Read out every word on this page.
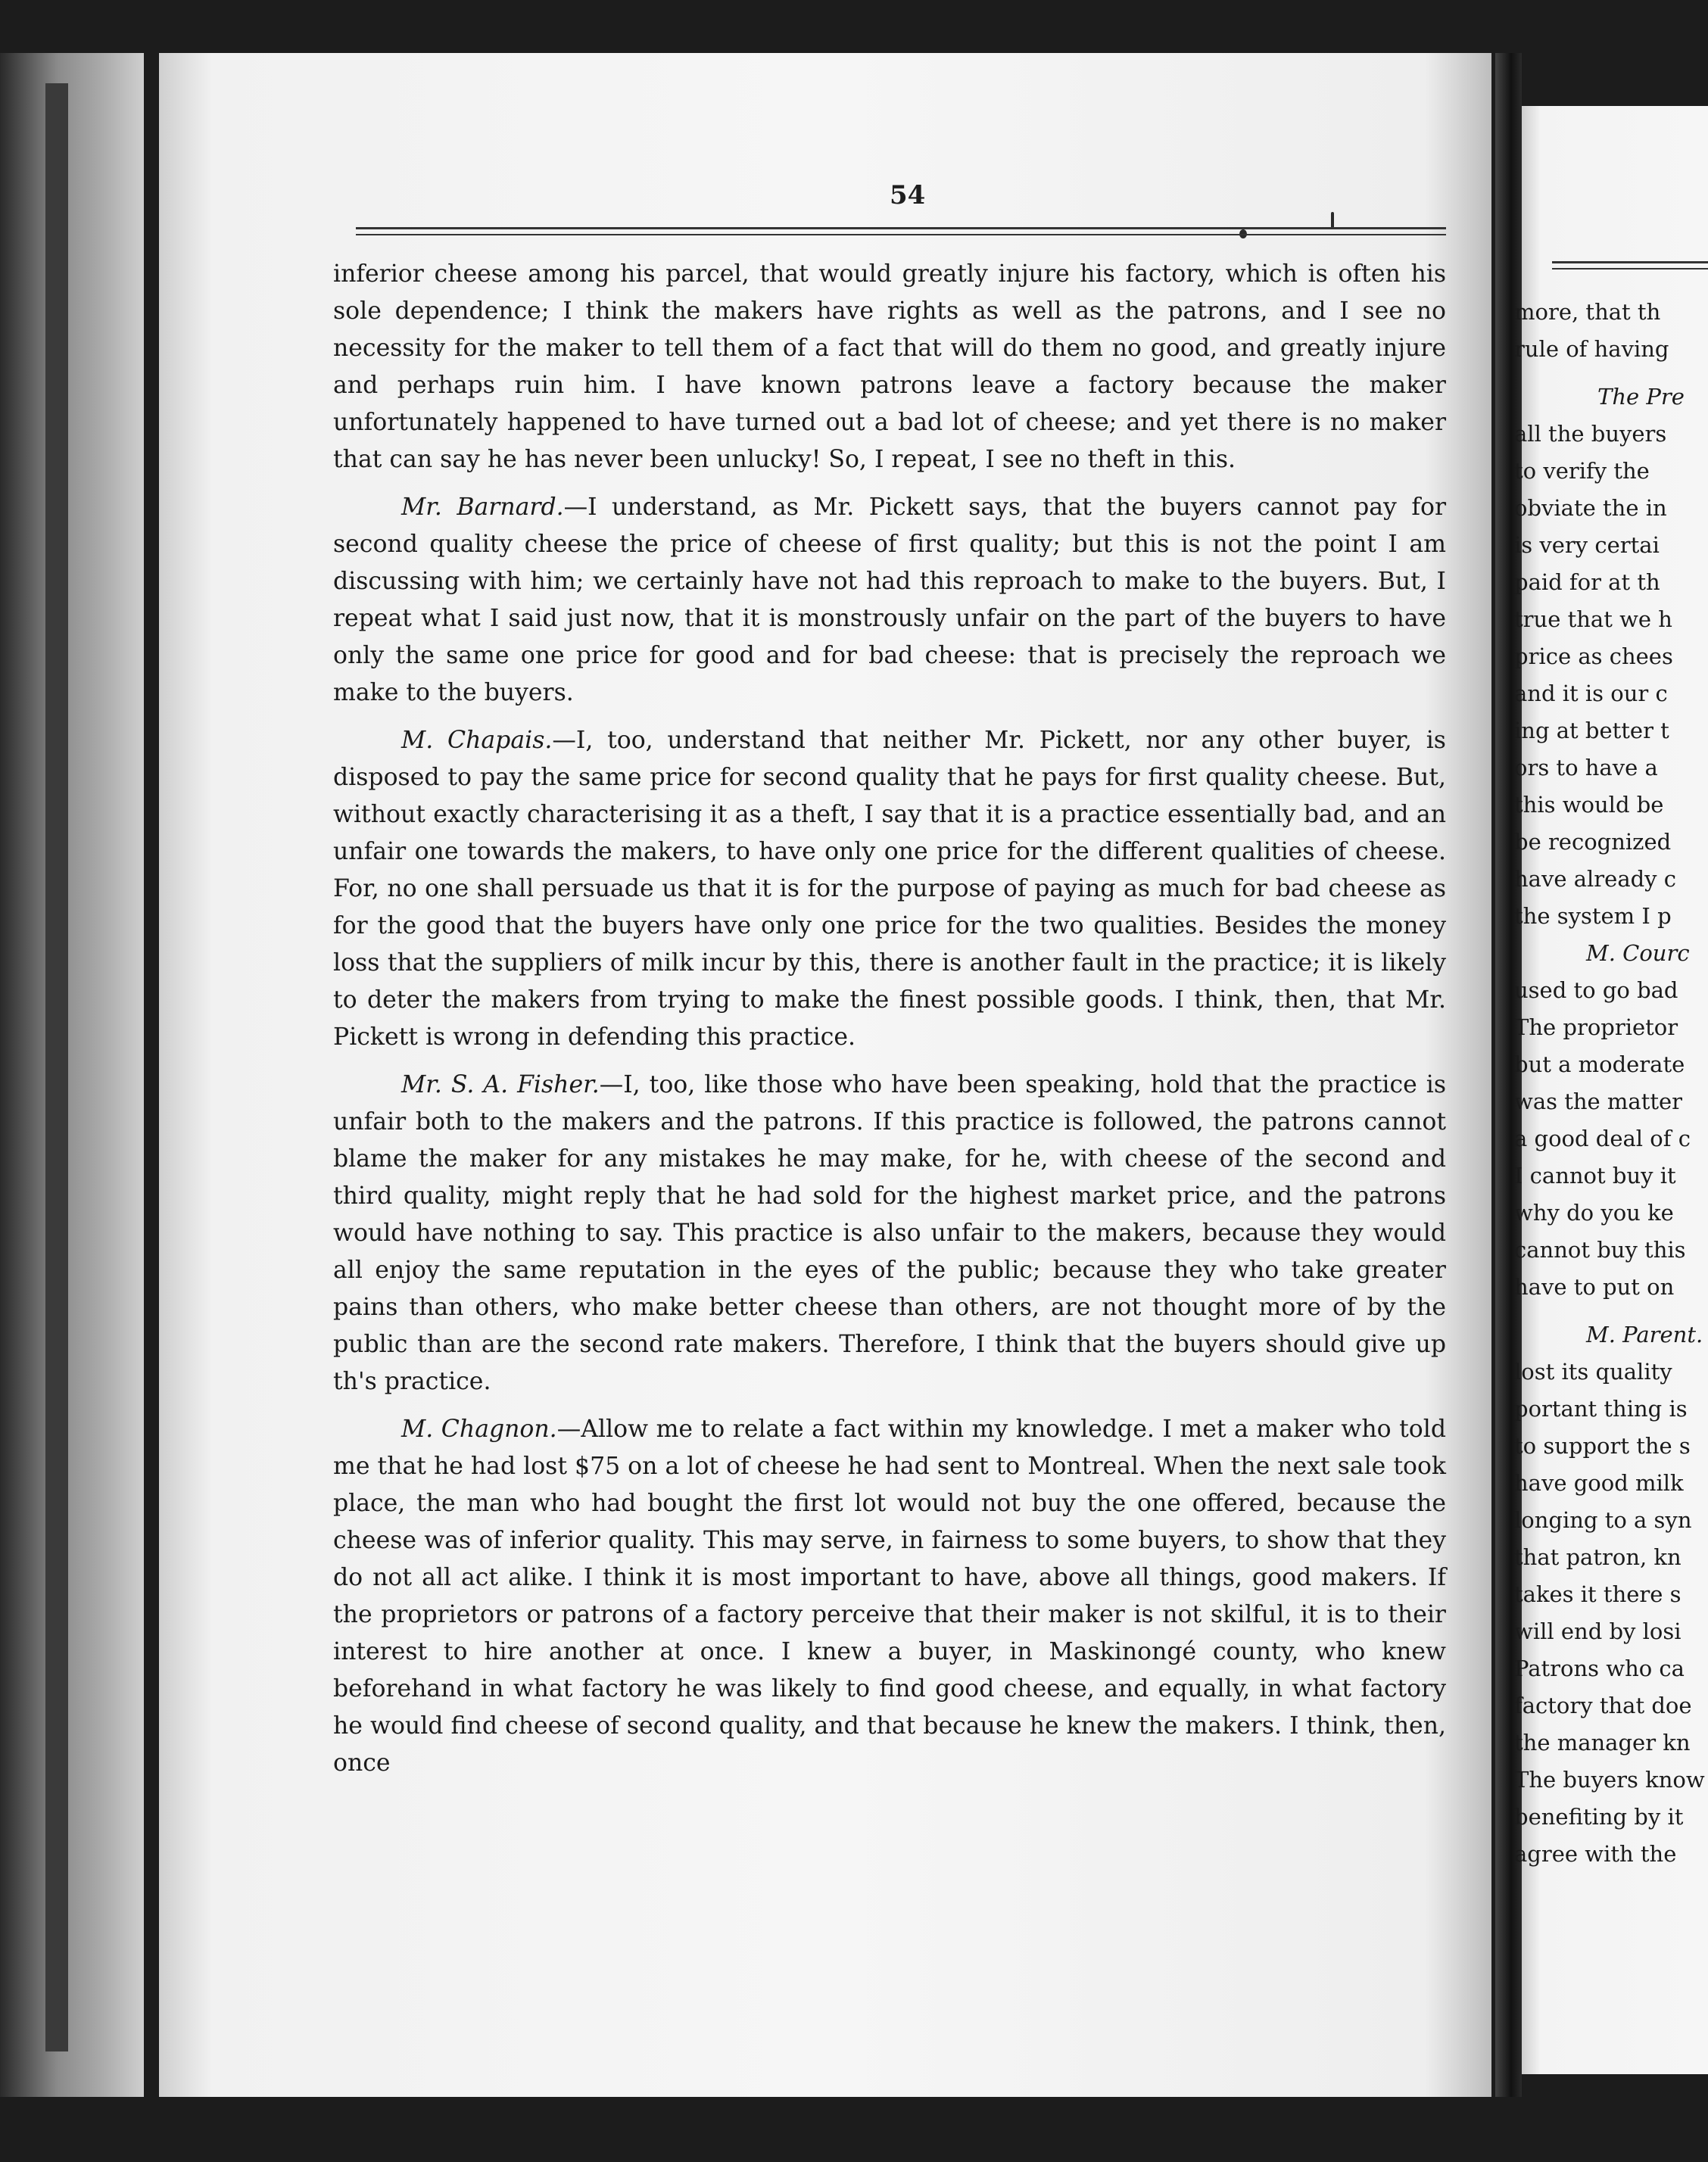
54

inferior cheese among his parcel, that would greatly injure his factory, which is often his sole dependence; I think the makers have rights as well as the patrons, and I see no necessity for the maker to tell them of a fact that will do them no good, and greatly injure and perhaps ruin him. I have known patrons leave a factory because the maker unfortunately happened to have turned out a bad lot of cheese; and yet there is no maker that can say he has never been unlucky! So, I repeat, I see no theft in this.

Mr. Barnard.—I understand, as Mr. Pickett says, that the buyers cannot pay for second quality cheese the price of cheese of first quality; but this is not the point I am discussing with him; we certainly have not had this reproach to make to the buyers. But, I repeat what I said just now, that it is monstrously unfair on the part of the buyers to have only the same one price for good and for bad cheese: that is precisely the reproach we make to the buyers.

M. Chapais.—I, too, understand that neither Mr. Pickett, nor any other buyer, is disposed to pay the same price for second quality that he pays for first quality cheese. But, without exactly characterising it as a theft, I say that it is a practice essentially bad, and an unfair one towards the makers, to have only one price for the different qualities of cheese. For, no one shall persuade us that it is for the purpose of paying as much for bad cheese as for the good that the buyers have only one price for the two qualities. Besides the money loss that the suppliers of milk incur by this, there is another fault in the practice; it is likely to deter the makers from trying to make the finest possible goods. I think, then, that Mr. Pickett is wrong in defending this practice.

Mr. S. A. Fisher.—I, too, like those who have been speaking, hold that the practice is unfair both to the makers and the patrons. If this practice is followed, the patrons cannot blame the maker for any mistakes he may make, for he, with cheese of the second and third quality, might reply that he had sold for the highest market price, and the patrons would have nothing to say. This practice is also unfair to the makers, because they would all enjoy the same reputation in the eyes of the public; because they who take greater pains than others, who make better cheese than others, are not thought more of by the public than are the second rate makers. Therefore, I think that the buyers should give up th's practice.

M. Chagnon.—Allow me to relate a fact within my knowledge. I met a maker who told me that he had lost $75 on a lot of cheese he had sent to Montreal. When the next sale took place, the man who had bought the first lot would not buy the one offered, because the cheese was of inferior quality. This may serve, in fairness to some buyers, to show that they do not all act alike. I think it is most important to have, above all things, good makers. If the proprietors or patrons of a factory perceive that their maker is not skilful, it is to their interest to hire another at once. I knew a buyer, in Maskinongé county, who knew beforehand in what factory he was likely to find good cheese, and equally, in what factory he would find cheese of second quality, and that because he knew the makers. I think, then, once

more, that th
rule of having
The Pre
all the buyers
to verify the
obviate the in
is very certai
paid for at th
true that we h
price as chees
and it is our c
ing at better t
ors to have a
this would be
be recognized
have already c
the system I p
M. Courc
used to go bad
The proprietor
but a moderate
was the matter
a good deal of c
I cannot buy it
why do you ke
cannot buy this
have to put on
M. Parent.
lost its quality
portant thing is
to support the s
have good milk
longing to a syn
that patron, kn
takes it there s
will end by losi
Patrons who ca
factory that doe
the manager kn
The buyers know
benefiting by it
agree with the
